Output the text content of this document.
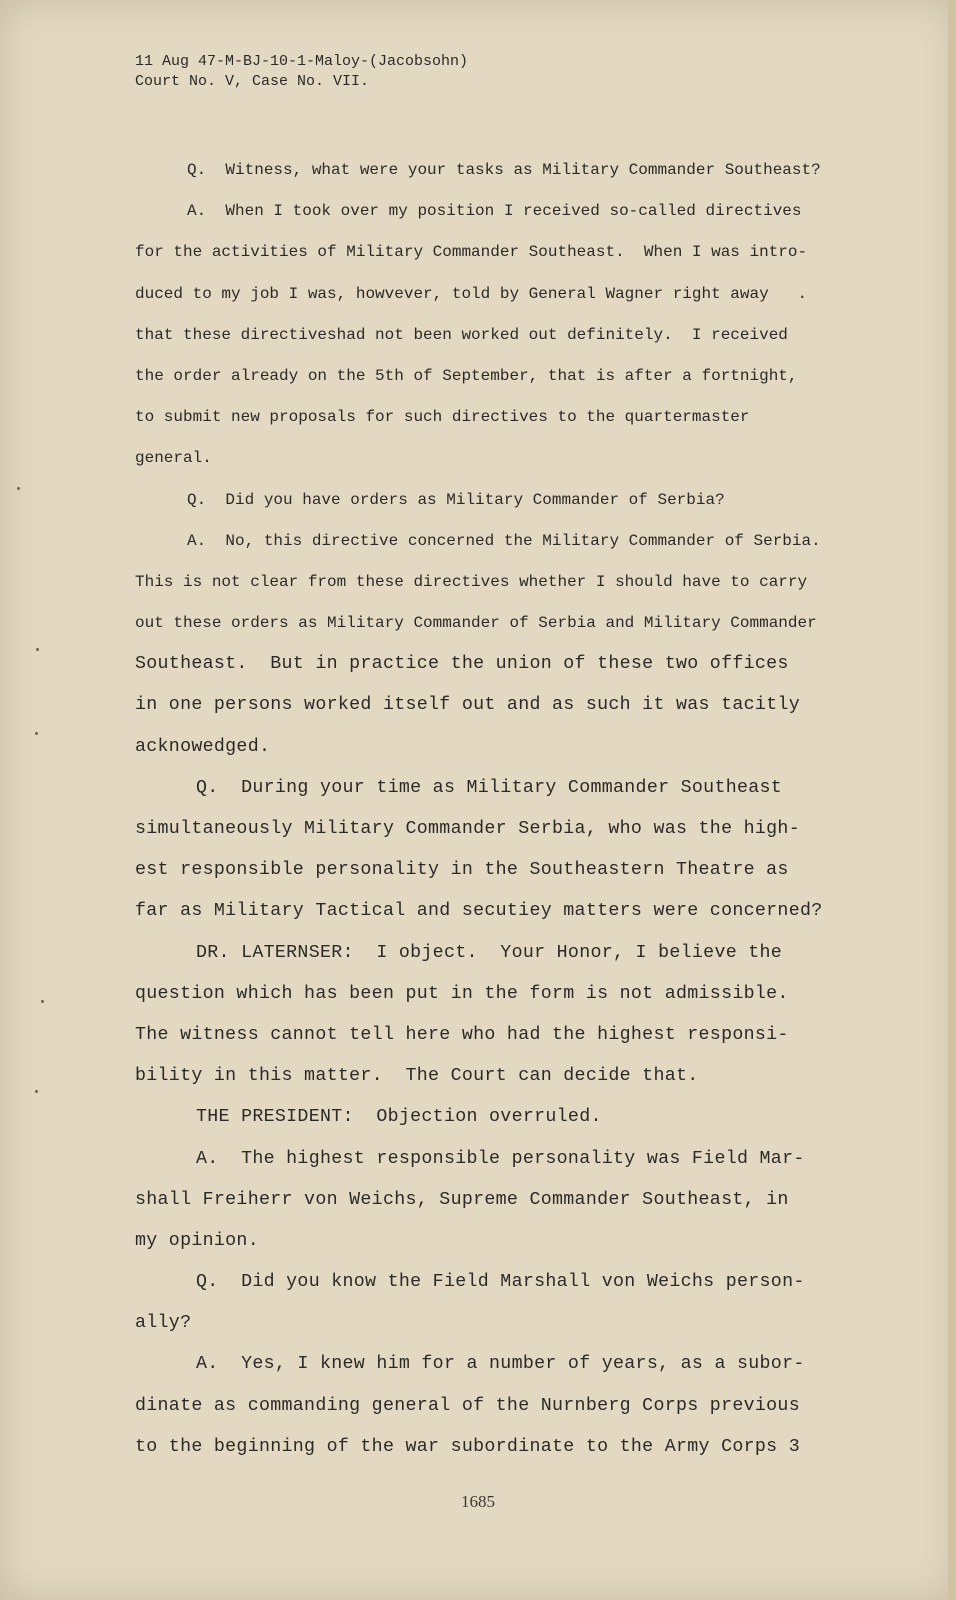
11 Aug 47-M-BJ-10-1-Maloy-(Jacobsohn)
Court No. V, Case No. VII.
Q.  Witness, what were your tasks as Military Commander Southeast?
A.  When I took over my position I received so-called directives
for the activities of Military Commander Southeast.  When I was intro-
duced to my job I was, howvever, told by General Wagner right away   .
that these directiveshad not been worked out definitely.  I received
the order already on the 5th of September, that is after a fortnight,
to submit new proposals for such directives to the quartermaster
general.
Q.  Did you have orders as Military Commander of Serbia?
A.  No, this directive concerned the Military Commander of Serbia.
This is not clear from these directives whether I should have to carry
out these orders as Military Commander of Serbia and Military Commander
Southeast.  But in practice the union of these two offices
in one persons worked itself out and as such it was tacitly
acknowedged.
Q.  During your time as Military Commander Southeast
simultaneously Military Commander Serbia, who was the high-
est responsible personality in the Southeastern Theatre as
far as Military Tactical and secutiey matters were concerned?
DR. LATERNSER:  I object.  Your Honor, I believe the
question which has been put in the form is not admissible.
The witness cannot tell here who had the highest responsi-
bility in this matter.  The Court can decide that.
THE PRESIDENT:  Objection overruled.
A.  The highest responsible personality was Field Mar-
shall Freiherr von Weichs, Supreme Commander Southeast, in
my opinion.
Q.  Did you know the Field Marshall von Weichs person-
ally?
A.  Yes, I knew him for a number of years, as a subor-
dinate as commanding general of the Nurnberg Corps previous
to the beginning of the war subordinate to the Army Corps 3
1685
